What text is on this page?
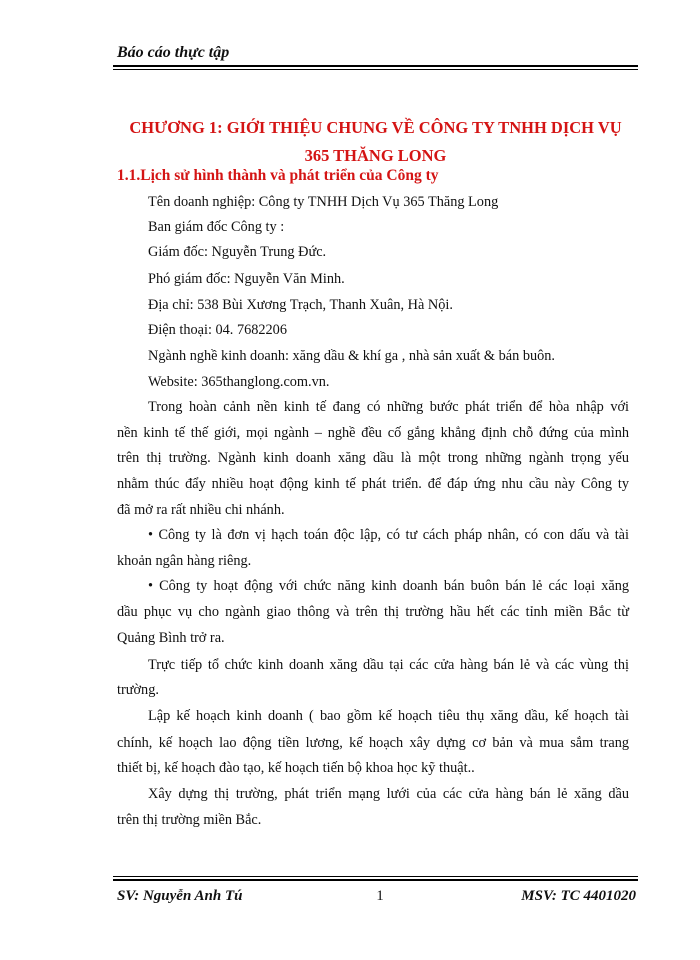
Báo cáo thực tập
CHƯƠNG 1: GIỚI THIỆU CHUNG VỀ CÔNG TY TNHH DỊCH VỤ
365 THĂNG LONG
1.1.Lịch sử hình thành và phát triển của Công ty
Tên doanh nghiệp: Công ty TNHH Dịch Vụ 365 Thăng Long
Ban giám đốc Công ty :
Giám đốc: Nguyễn Trung Đức.
Phó giám đốc: Nguyễn Văn Minh.
Địa chỉ: 538 Bùi Xương Trạch, Thanh Xuân, Hà Nội.
Điện thoại: 04. 7682206
Ngành nghề kinh doanh: xăng dầu & khí ga , nhà sản xuất & bán buôn.
Website: 365thanglong.com.vn.
Trong hoàn cảnh nền kinh tế đang có những bước phát triển để hòa nhập với
nền kinh tế thế giới, mọi ngành – nghề đều cố gắng khẳng định chỗ đứng của mình
trên thị trường. Ngành kinh doanh xăng dầu là một trong những ngành trọng yếu
nhằm thúc đẩy nhiều hoạt động kinh tế phát triển. để đáp ứng nhu cầu này Công ty
đã mở ra rất nhiều chi nhánh.
• Công ty là đơn vị hạch toán độc lập, có tư cách pháp nhân, có con dấu và tài
khoản ngân hàng riêng.
• Công ty hoạt động với chức năng kinh doanh bán buôn bán lẻ các loại xăng
dầu phục vụ cho ngành giao thông và trên thị trường hầu hết các tỉnh miền Bắc từ
Quảng Bình trở ra.
Trực tiếp tổ chức kinh doanh xăng dầu tại các cửa hàng bán lẻ và các vùng thị
trường.
Lập kế hoạch kinh doanh ( bao gồm kế hoạch tiêu thụ xăng dầu, kế hoạch tài
chính, kế hoạch lao động tiền lương, kế hoạch xây dựng cơ bản và mua sắm trang
thiết bị, kế hoạch đào tạo, kế hoạch tiến bộ khoa học kỹ thuật..
Xây dựng thị trường, phát triển mạng lưới của các cửa hàng bán lẻ xăng dầu
trên thị trường miền Bắc.
SV: Nguyễn Anh Tú	1	MSV: TC 4401020
